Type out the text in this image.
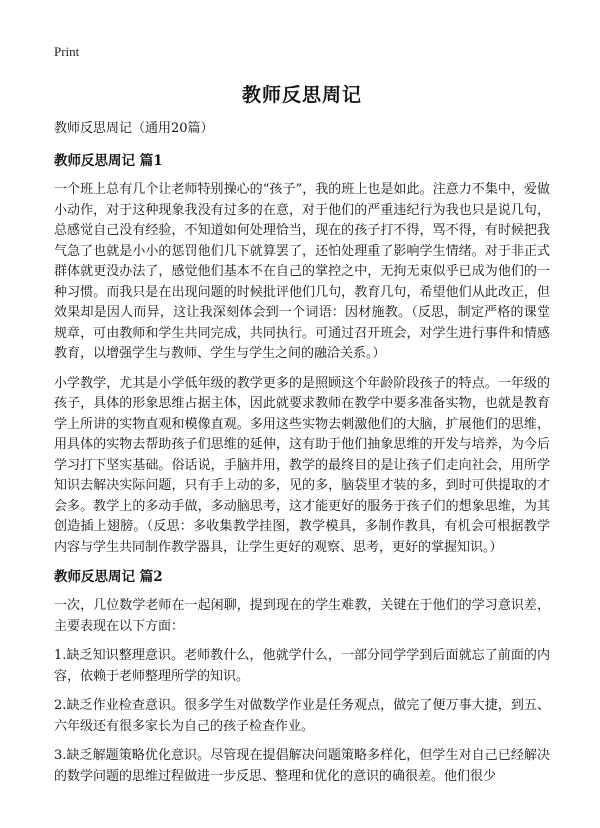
Print
教师反思周记

教师反思周记（通用20篇）

教师反思周记 篇1

一个班上总有几个让老师特别操心的“孩子”，我的班上也是如此。注意力不集中，爱做小动作，对于这种现象我没有过多的在意，对于他们的严重违纪行为我也只是说几句，总感觉自己没有经验，不知道如何处理恰当，现在的孩子打不得，骂不得，有时候把我气急了也就是小小的惩罚他们几下就算罢了，还怕处理重了影响学生情绪。对于非正式群体就更没办法了，感觉他们基本不在自己的掌控之中，无拘无束似乎已成为他们的一种习惯。而我只是在出现问题的时候批评他们几句，教育几句，希望他们从此改正，但效果却是因人而异，这让我深刻体会到一个词语：因材施教。（反思，制定严格的课堂规章，可由教师和学生共同完成，共同执行。可通过召开班会，对学生进行事件和情感教育，以增强学生与教师、学生与学生之间的融洽关系。）

小学教学，尤其是小学低年级的教学更多的是照顾这个年龄阶段孩子的特点。一年级的孩子，具体的形象思维占据主体，因此就要求教师在教学中要多准备实物，也就是教育学上所讲的实物直观和模像直观。多用这些实物去刺激他们的大脑，扩展他们的思维，用具体的实物去帮助孩子们思维的延伸，这有助于他们抽象思维的开发与培养，为今后学习打下坚实基础。俗话说，手脑并用，教学的最终目的是让孩子们走向社会，用所学知识去解决实际问题，只有手上动的多，见的多，脑袋里才装的多，到时可供提取的才会多。教学上的多动手做，多动脑思考，这才能更好的服务于孩子们的想象思维，为其创造插上翅膀。（反思：多收集教学挂图，教学模具，多制作教具，有机会可根据教学内容与学生共同制作教学器具，让学生更好的观察、思考，更好的掌握知识。）

教师反思周记 篇2

一次，几位数学老师在一起闲聊，提到现在的学生难教，关键在于他们的学习意识差，主要表现在以下方面：

1.缺乏知识整理意识。老师教什么，他就学什么，一部分同学学到后面就忘了前面的内容，依赖于老师整理所学的知识。

2.缺乏作业检查意识。很多学生对做数学作业是任务观点，做完了便万事大捷，到五、六年级还有很多家长为自己的孩子检查作业。

3.缺乏解题策略优化意识。尽管现在提倡解决问题策略多样化，但学生对自己已经解决的数学问题的思维过程做进一步反思、整理和优化的意识的确很差。他们很少
